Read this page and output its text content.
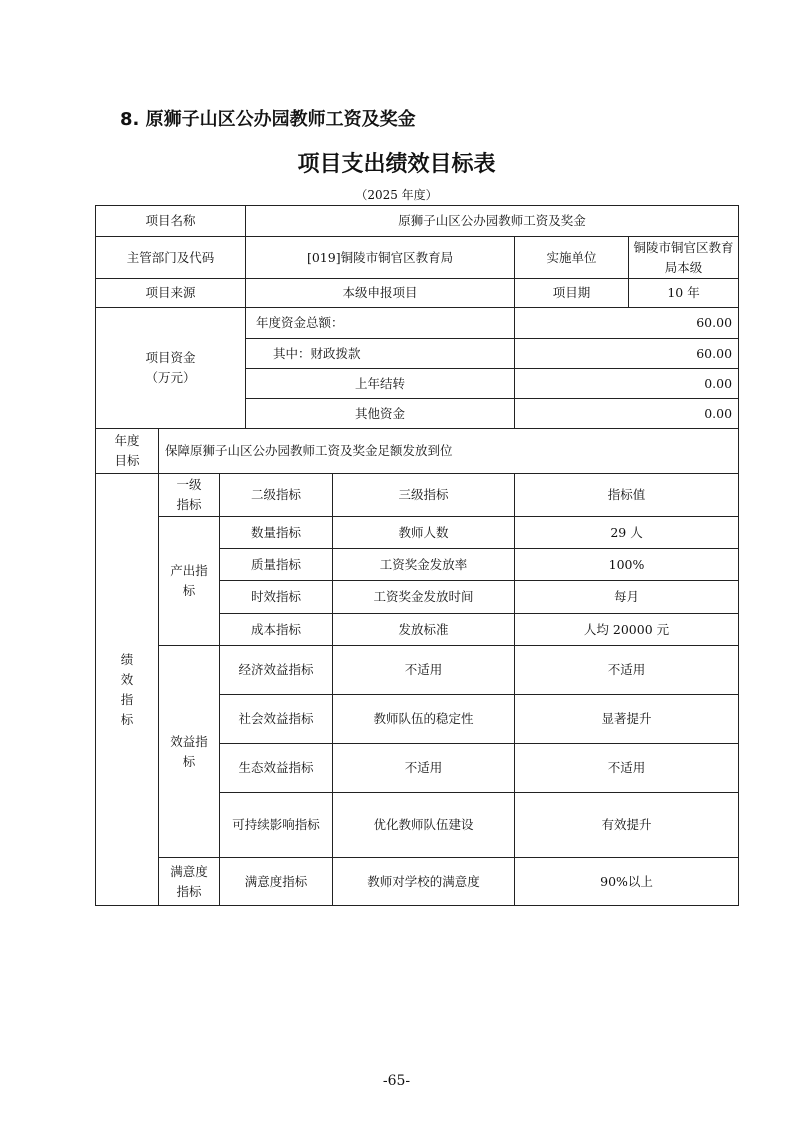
8. 原狮子山区公办园教师工资及奖金
项目支出绩效目标表
（2025 年度）
项目名称			原狮子山区公办园教师工资及奖金			
主管部门及代码			[019]铜陵市铜官区教育局		实施单位	铜陵市铜官区教育局本级
项目来源			本级申报项目		项目期	10 年

项目资金
（万元）			年度资金总额：		60.00	
			其中：财政拨款		60.00	
			上年结转		0.00	
			其他资金		0.00	
年度目标	保障原狮子山区公办园教师工资及奖金足额发放到位					
绩效指标	一级指标	二级指标		三级指标	指标值	
	产出指标	数量指标		教师人数	29 人	
		质量指标		工资奖金发放率	100%	
		时效指标		工资奖金发放时间	每月	
		成本指标		发放标准	人均 20000 元	
	效益指标	经济效益指标		不适用	不适用	
		社会效益指标		教师队伍的稳定性	显著提升	
		生态效益指标		不适用	不适用	
		可持续影响指标		优化教师队伍建设	有效提升	
	满意度指标	满意度指标		教师对学校的满意度	90%以上	
-65-
